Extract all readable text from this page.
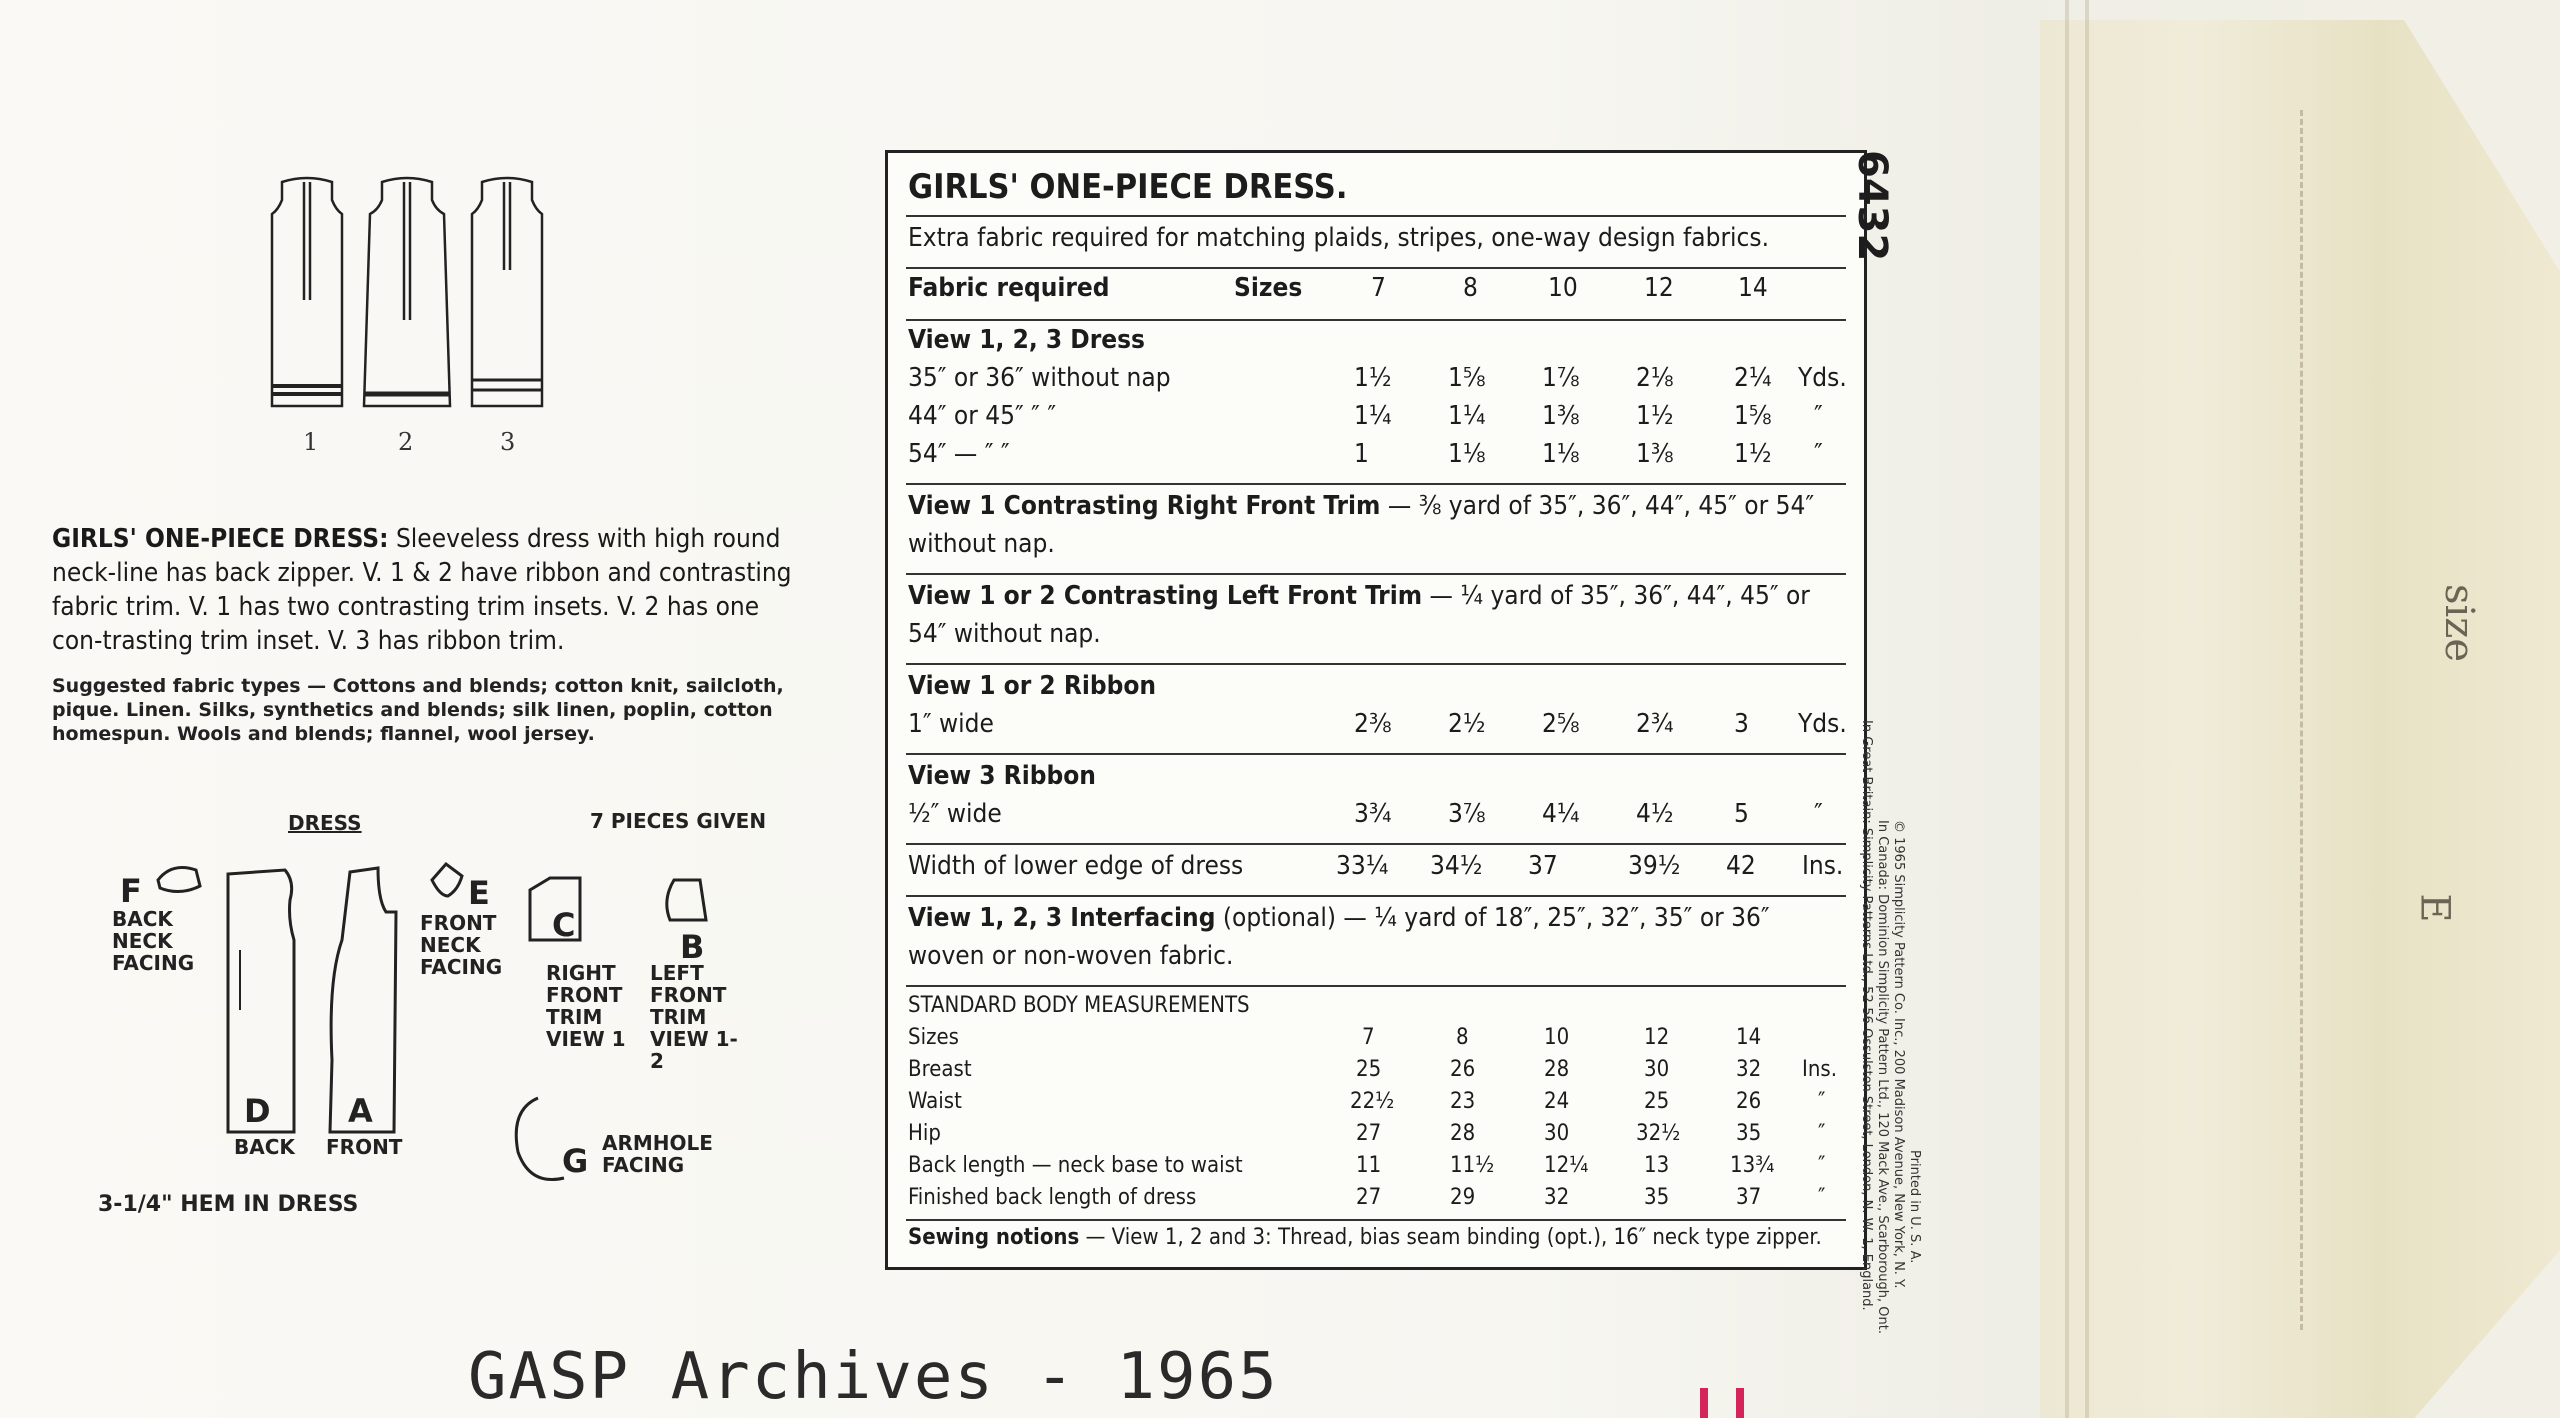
size
E
1	2	3
GIRLS' ONE-PIECE DRESS: Sleeveless dress with high round neck-line has back zipper. V. 1 & 2 have ribbon and contrasting fabric trim. V. 1 has two contrasting trim insets. V. 2 has one con-trasting trim inset. V. 3 has ribbon trim.
Suggested fabric types — Cottons and blends; cotton knit, sailcloth, pique. Linen. Silks, synthetics and blends; silk linen, poplin, cotton homespun. Wools and blends; flannel, wool jersey.
DRESS	7 PIECES GIVEN
F
BACK NECK FACING
E
FRONT NECK FACING
C
RIGHT FRONT TRIM VIEW 1
B
LEFT FRONT TRIM VIEW 1-2
D
BACK
A
FRONT	G ARMHOLE FACING
3-1/4" HEM IN DRESS
GIRLS' ONE-PIECE DRESS.
Extra fabric required for matching plaids, stripes, one-way design fabrics.
Fabric required	Sizes	7	8	10	12 14
View 1, 2, 3 Dress
35″ or 36″ without nap	1½ 1⅝ 1⅞ 2⅛ 2¼ Yds.
44″ or 45″ ″ ″	1¼ 1¼ 1⅜ 1½ 1⅝ ″
54″ — ″ ″	1	1⅛ 1⅛ 1⅜ 1½ ″
View 1 Contrasting Right Front Trim — ⅜ yard of 35″, 36″, 44″, 45″ or 54″
without nap.
View 1 or 2 Contrasting Left Front Trim — ¼ yard of 35″, 36″, 44″, 45″ or
54″ without nap.
View 1 or 2 Ribbon
1″ wide	2⅜ 2½ 2⅝ 2¾ 3 Yds.
View 3 Ribbon
½″ wide	3¾ 3⅞ 4¼ 4½ 5	″
Width of lower edge of dress	33¼ 34½ 37	39½ 42 Ins.
View 1, 2, 3 Interfacing (optional) — ¼ yard of 18″, 25″, 32″, 35″ or 36″
woven or non-woven fabric.
STANDARD BODY MEASUREMENTS
Sizes	7	8	10	12	14
Breast	25	26	28	30	32 Ins.
Waist	22½	23	24	25	26	″
Hip	27	28	30	32½	35	″
Back length — neck base to waist	11	11½ 12¼	13	13¾ ″
Finished back length of dress	27	29	32	35	37	″
Sewing notions — View 1, 2 and 3: Thread, bias seam binding (opt.), 16″ neck type zipper.
6432
© 1965 Simplicity Pattern Co. Inc., 200 Madison Avenue, New York, N. Y.
In Canada: Dominion Simplicity Pattern Ltd., 120 Mack Ave., Scarborough, Ont.
In Great Britain: Simplicity Patterns Ltd., 52-56 Ossulston Street, London, N. W. 1, England.	Printed in U. S. A.
GASP Archives - 1965
